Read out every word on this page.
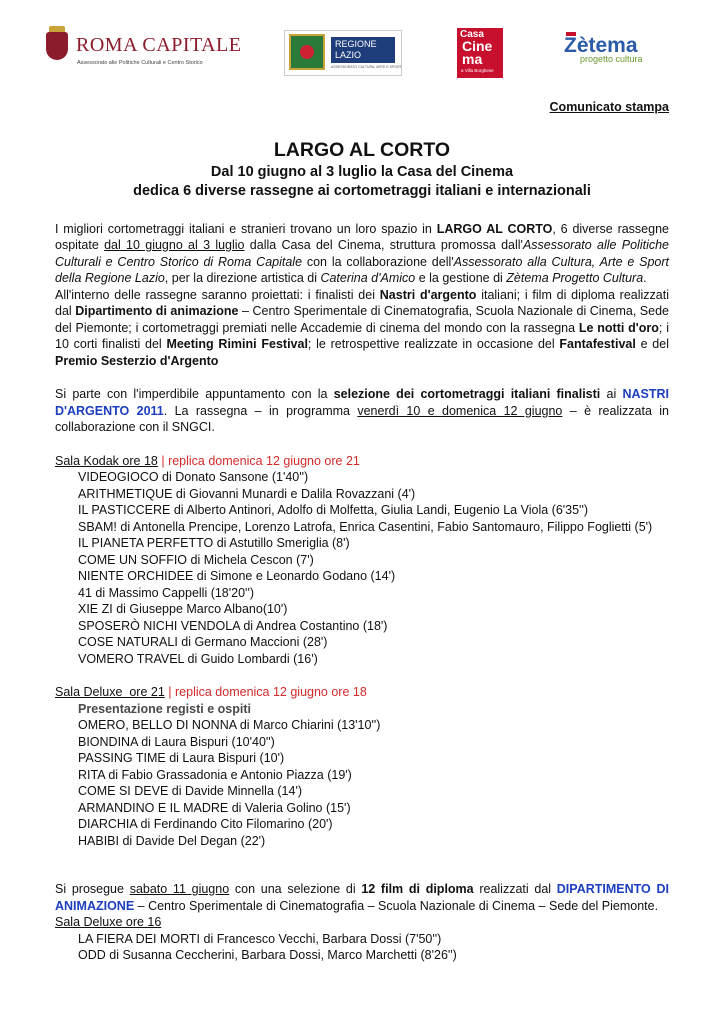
ROMA CAPITALE
Assessorato alle Politiche Culturali e Centro Storico
REGIONE LAZIO
ASSESSORATO CULTURA, ARTE E SPORT
Casa
Cine ma
a Villa Borghese
Zètema
progetto cultura

Comunicato stampa

LARGO AL CORTO
Dal 10 giugno al 3 luglio la Casa del Cinema
dedica 6 diverse rassegne ai cortometraggi italiani e internazionali

I migliori cortometraggi italiani e stranieri trovano un loro spazio in LARGO AL CORTO, 6 diverse rassegne ospitate dal 10 giugno al 3 luglio dalla Casa del Cinema, struttura promossa dall'Assessorato alle Politiche Culturali e Centro Storico di Roma Capitale con la collaborazione dell'Assessorato alla Cultura, Arte e Sport della Regione Lazio, per la direzione artistica di Caterina d'Amico e la gestione di Zètema Progetto Cultura.

All'interno delle rassegne saranno proiettati: i finalisti dei Nastri d'argento italiani; i film di diploma realizzati dal Dipartimento di animazione – Centro Sperimentale di Cinematografia, Scuola Nazionale di Cinema, Sede del Piemonte; i cortometraggi premiati nelle Accademie di cinema del mondo con la rassegna Le notti d'oro; i 10 corti finalisti del Meeting Rimini Festival; le retrospettive realizzate in occasione del Fantafestival e del Premio Sesterzio d'Argento

Si parte con l'imperdibile appuntamento con la selezione dei cortometraggi italiani finalisti ai NASTRI D'ARGENTO 2011. La rassegna – in programma venerdì 10 e domenica 12 giugno – è realizzata in collaborazione con il SNGCI.

Sala Kodak ore 18 | replica domenica 12 giugno ore 21
VIDEOGIOCO di Donato Sansone (1'40'')
ARITHMETIQUE di Giovanni Munardi e Dalila Rovazzani (4')
IL PASTICCERE di Alberto Antinori, Adolfo di Molfetta, Giulia Landi, Eugenio La Viola (6'35'')
SBAM! di Antonella Prencipe, Lorenzo Latrofa, Enrica Casentini, Fabio Santomauro, Filippo Foglietti (5')
IL PIANETA PERFETTO di Astutillo Smeriglia (8')
COME UN SOFFIO di Michela Cescon (7')
NIENTE ORCHIDEE di Simone e Leonardo Godano (14')
41 di Massimo Cappelli (18'20'')
XIE ZI di Giuseppe Marco Albano(10')
SPOSERÒ NICHI VENDOLA di Andrea Costantino (18')
COSE NATURALI di Germano Maccioni (28')
VOMERO TRAVEL di Guido Lombardi (16')
Sala Deluxe  ore 21 | replica domenica 12 giugno ore 18
Presentazione registi e ospiti
OMERO, BELLO DI NONNA di Marco Chiarini (13'10'')
BIONDINA di Laura Bispuri (10'40'')
PASSING TIME di Laura Bispuri (10')
RITA di Fabio Grassadonia e Antonio Piazza (19')
COME SI DEVE di Davide Minnella (14')
ARMANDINO E IL MADRE di Valeria Golino (15')
DIARCHIA di Ferdinando Cito Filomarino (20')
HABIBI di Davide Del Degan (22')

Si prosegue sabato 11 giugno con una selezione di 12 film di diploma realizzati dal DIPARTIMENTO DI ANIMAZIONE – Centro Sperimentale di Cinematografia – Scuola Nazionale di Cinema – Sede del Piemonte.

Sala Deluxe ore 16
LA FIERA DEI MORTI di Francesco Vecchi, Barbara Dossi (7'50'')
ODD di Susanna Ceccherini, Barbara Dossi, Marco Marchetti (8'26'')
